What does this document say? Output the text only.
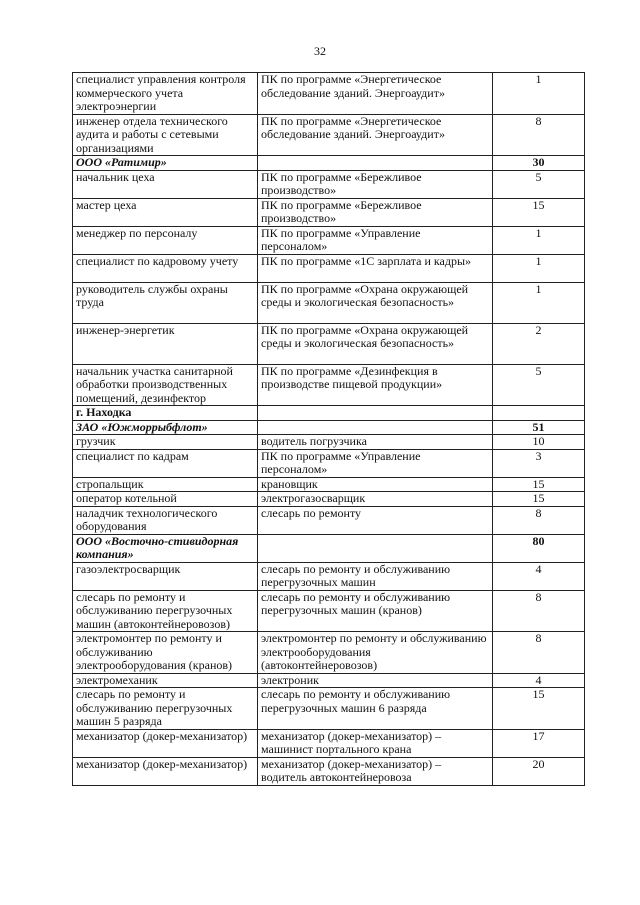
32
специалист управления контроля коммерческого учета электроэнергии	ПК по программе «Энергетическое обследование зданий. Энергоаудит»	1
инженер отдела технического аудита и работы с сетевыми организациями	ПК по программе «Энергетическое обследование зданий. Энергоаудит»	8
ООО «Ратимир»		30
начальник цеха	ПК по программе «Бережливое производство»	5
мастер цеха	ПК по программе «Бережливое производство»	15
менеджер по персоналу	ПК по программе «Управление персоналом»	1
специалист по кадровому учету	ПК по программе «1С зарплата и кадры»	1
руководитель службы охраны труда	ПК по программе «Охрана окружающей среды и экологическая безопасность»	1
инженер-энергетик	ПК по программе «Охрана окружающей среды и экологическая безопасность»	2
начальник участка санитарной обработки производственных помещений, дезинфектор	ПК по программе «Дезинфекция в производстве пищевой продукции»	5
г. Находка		
ЗАО «Южморрыбфлот»		51
грузчик	водитель погрузчика	10
специалист по кадрам	ПК по программе «Управление персоналом»	3
стропальщик	крановщик	15
оператор котельной	электрогазосварщик	15
наладчик технологического оборудования	слесарь по ремонту	8
ООО «Восточно-стивидорная компания»		80
газоэлектросварщик	слесарь по ремонту и обслуживанию перегрузочных машин	4
слесарь по ремонту и обслуживанию перегрузочных машин (автоконтейнеровозов)	слесарь по ремонту и обслуживанию перегрузочных машин (кранов)	8
электромонтер по ремонту и обслуживанию электрооборудования (кранов)	электромонтер по ремонту и обслуживанию электрооборудования (автоконтейнеровозов)	8
электромеханик	электроник	4
слесарь по ремонту и обслуживанию перегрузочных машин 5 разряда	слесарь по ремонту и обслуживанию перегрузочных машин 6 разряда	15
механизатор (докер-механизатор)	механизатор (докер-механизатор) – машинист портального крана	17
механизатор (докер-механизатор)	механизатор (докер-механизатор) – водитель автоконтейнеровоза	20
